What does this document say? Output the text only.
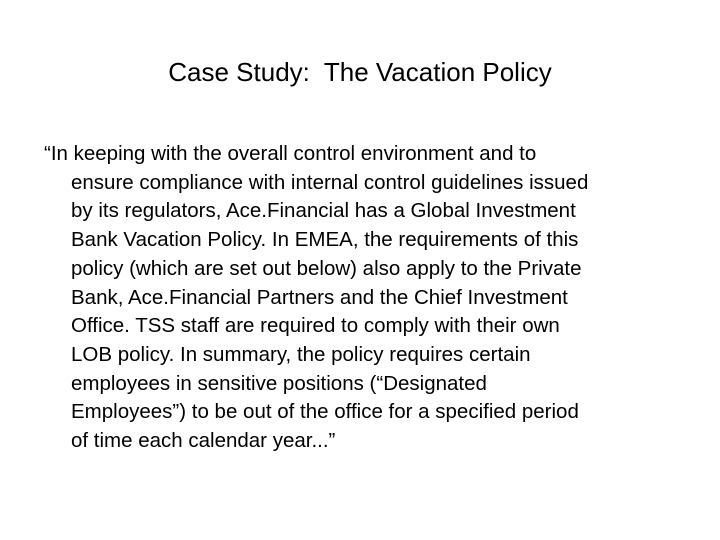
Case Study:  The Vacation Policy
“In keeping with the overall control environment and to
ensure compliance with internal control guidelines issued
by its regulators, Ace.Financial has a Global Investment
Bank Vacation Policy. In EMEA, the requirements of this
policy (which are set out below) also apply to the Private
Bank, Ace.Financial Partners and the Chief Investment
Office. TSS staff are required to comply with their own
LOB policy. In summary, the policy requires certain
employees in sensitive positions (“Designated
Employees”) to be out of the office for a specified period
of time each calendar year...”
